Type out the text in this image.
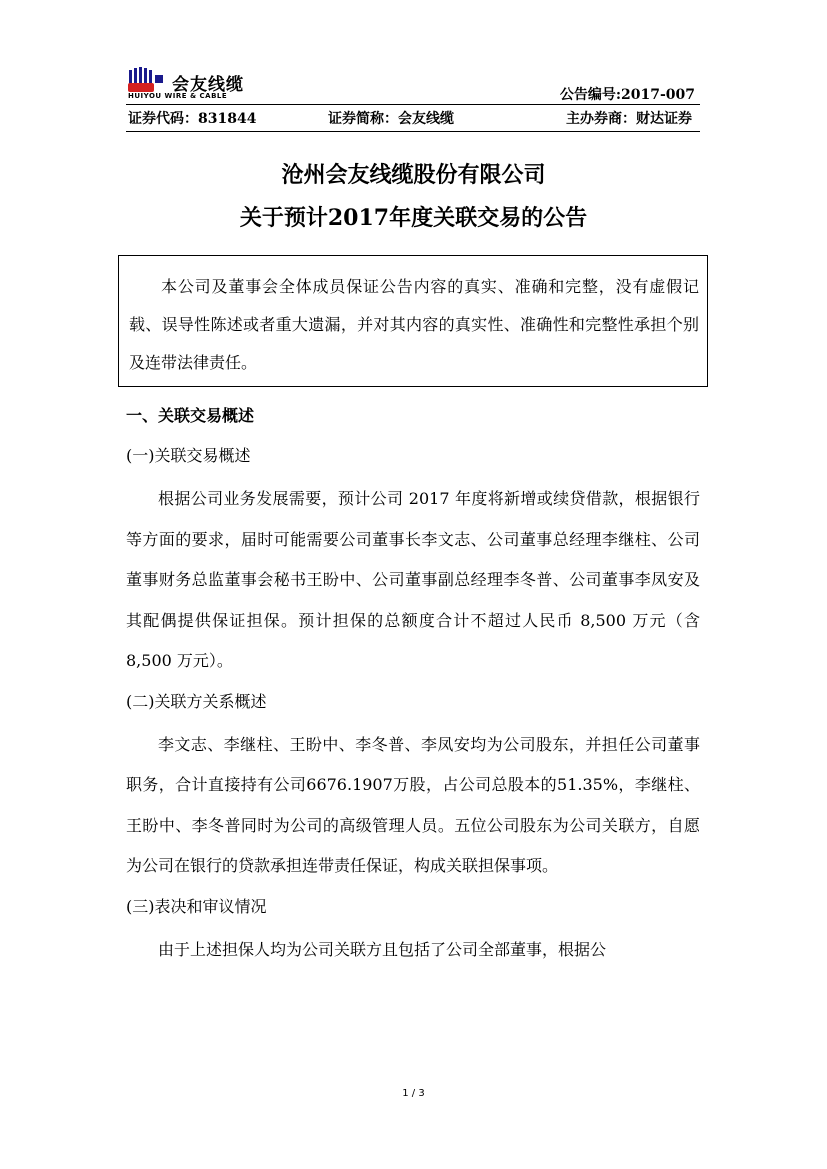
会友线缆
HUIYOU WIRE & CABLE	公告编号:2017-007
证券代码：831844	证券简称：会友线缆	主办券商：财达证券
沧州会友线缆股份有限公司
关于预计2017年度关联交易的公告
本公司及董事会全体成员保证公告内容的真实、准确和完整，没有虚假记载、误导性陈述或者重大遗漏，并对其内容的真实性、准确性和完整性承担个别及连带法律责任。

一、关联交易概述

(一)关联交易概述

根据公司业务发展需要，预计公司 2017 年度将新增或续贷借款，根据银行等方面的要求，届时可能需要公司董事长李文志、公司董事总经理李继柱、公司董事财务总监董事会秘书王盼中、公司董事副总经理李冬普、公司董事李凤安及其配偶提供保证担保。预计担保的总额度合计不超过人民币 8,500 万元（含 8,500 万元）。

(二)关联方关系概述

李文志、李继柱、王盼中、李冬普、李凤安均为公司股东，并担任公司董事职务，合计直接持有公司6676.1907万股，占公司总股本的51.35%，李继柱、王盼中、李冬普同时为公司的高级管理人员。五位公司股东为公司关联方，自愿为公司在银行的贷款承担连带责任保证，构成关联担保事项。

(三)表决和审议情况

由于上述担保人均为公司关联方且包括了公司全部董事，根据公

1 / 3
